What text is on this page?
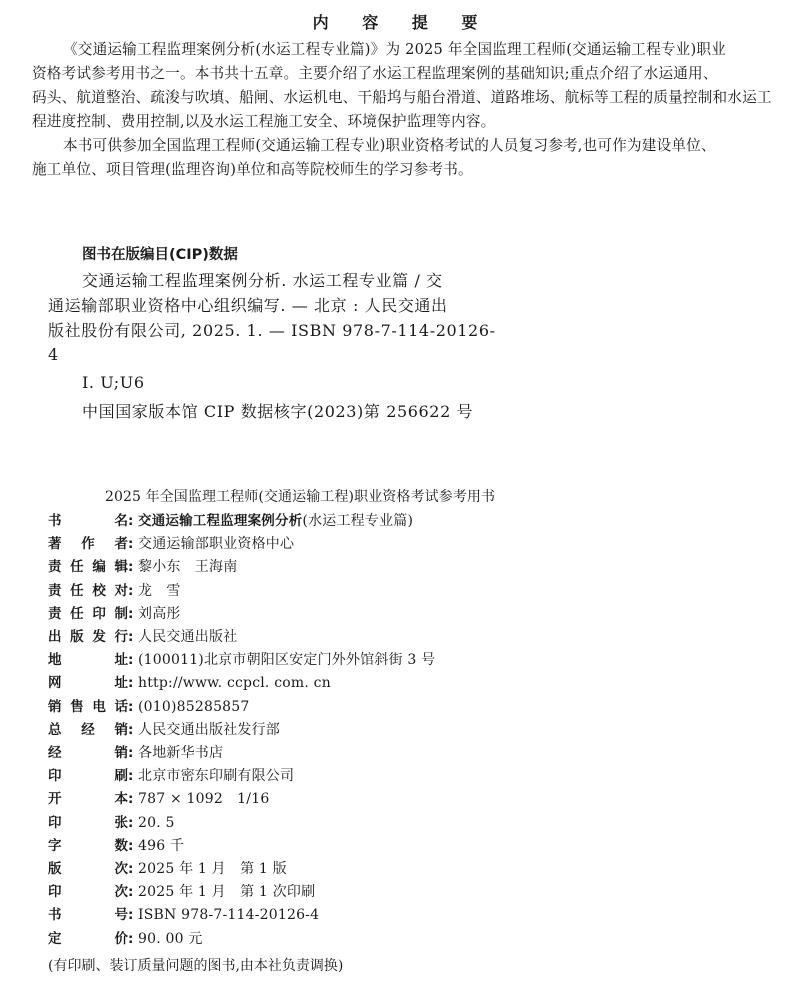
内 容 提 要
《交通运输工程监理案例分析(水运工程专业篇)》为 2025 年全国监理工程师(交通运输工程专业)职业
资格考试参考用书之一。本书共十五章。主要介绍了水运工程监理案例的基础知识;重点介绍了水运通用、
码头、航道整治、疏浚与吹填、船闸、水运机电、干船坞与船台滑道、道路堆场、航标等工程的质量控制和水运工
程进度控制、费用控制,以及水运工程施工安全、环境保护监理等内容。
本书可供参加全国监理工程师(交通运输工程专业)职业资格考试的人员复习参考,也可作为建设单位、
施工单位、项目管理(监理咨询)单位和高等院校师生的学习参考书。
图书在版编目(CIP)数据
交通运输工程监理案例分析. 水运工程专业篇 / 交
通运输部职业资格中心组织编写. — 北京 : 人民交通出
版社股份有限公司, 2025. 1. — ISBN 978-7-114-20126-
4
Ⅰ. U;U6
中国国家版本馆 CIP 数据核字(2023)第 256622 号
2025 年全国监理工程师(交通运输工程)职业资格考试参考用书
书	名 : 交通运输工程监理案例分析 (水运工程专业篇)
著 作 者 : 交通运输部职业资格中心
责 任 编 辑 : 黎小东　王海南
责 任 校 对 : 龙　雪
责 任 印 制 : 刘高彤
出 版 发 行 : 人民交通出版社
地	址 : (100011)北京市朝阳区安定门外外馆斜街 3 号
网	址 : http://www. ccpcl. com. cn
销 售 电 话 : (010)85285857
总 经 销 : 人民交通出版社发行部
经	销 : 各地新华书店
印	刷 : 北京市密东印刷有限公司
开	本 : 787 × 1092　1/16
印	张 : 20. 5
字	数 : 496 千
版	次 : 2025 年 1 月　第 1 版
印	次 : 2025 年 1 月　第 1 次印刷
书	号 : ISBN 978-7-114-20126-4
定	价 : 90. 00 元
(有印刷、装订质量问题的图书,由本社负责调换)
